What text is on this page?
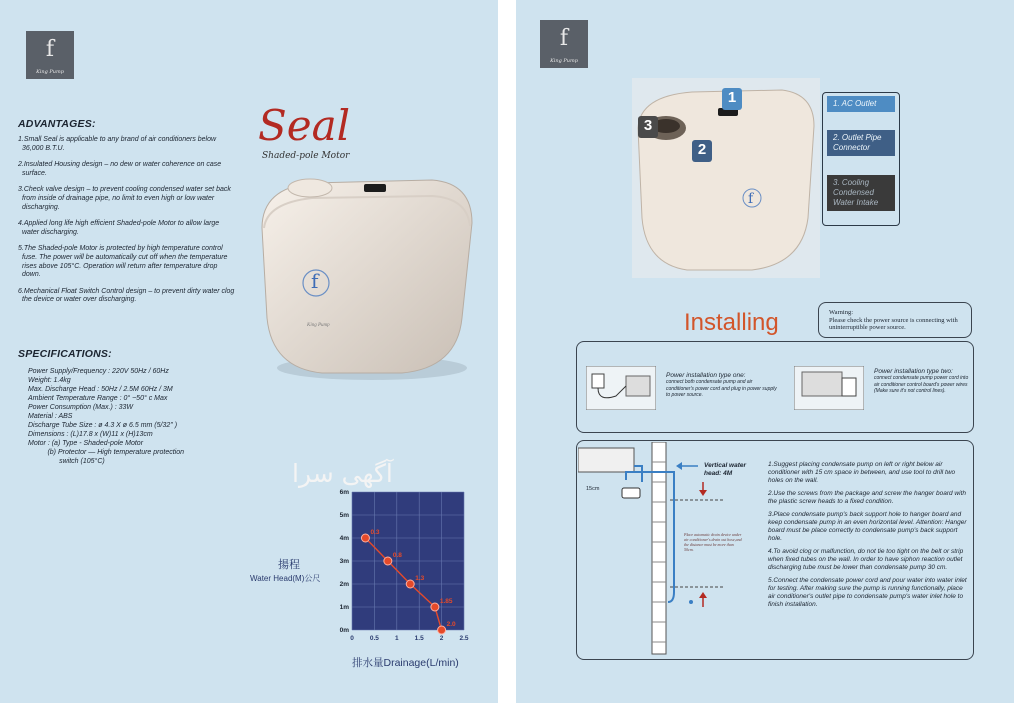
f
King Pump
ADVANTAGES:

1.Small Seal is applicable to any brand of air conditioners below 36,000 B.T.U.

2.Insulated Housing design – no dew or water coherence on case surface.

3.Check valve design – to prevent cooling condensed water set back from inside of drainage pipe, no limit to even high or low water discharging.

4.Applied long life high efficient Shaded-pole Motor to allow large water discharging.

5.The Shaded-pole Motor is protected by high temperature control fuse. The power will be automatically cut off when the temperature rises above 105°C. Operation will return after temperature drop down.

6.Mechanical Float Switch Control design – to prevent dirty water clog the device or water over discharging.

Seal
Shaded-pole Motor
f
King Pump
SPECIFICATIONS:
Power Supply/Frequency : 220V 50Hz / 60Hz
Weight: 1.4kg
Max. Discharge Head : 50Hz / 2.5M 60Hz / 3M
Ambient Temperature Range : 0° ~50° c Max
Power Consumption (Max.) : 33W
Material : ABS
Discharge Tube Size : ø 4.3 X ø 6.5 mm (5/32" )
Dimensions : (L)17.8 x (W)11 x (H)13cm
Motor : (a) Type - Shaded-pole Motor
(b) Protector — High temperature protection
switch (105°C)	آگهی سرا
0 0.5 1 1.5 2 2.5
0m
1m
2m
3m
4m
5m
6m
0.3
0.8
1.3
1.85
2.0
揚程
Water Head(M)公尺
排水量Drainage(L/min)
f
King Pump
f
1
2
3
1. AC Outlet
2. Outlet Pipe Connector
3. Cooling Condensed Water Intake
Installing	Warning:
Please check the power source is connecting with uninterruptible power source.
Power installation type one:
connect both condensate pump and air conditioner's power cord and plug in power supply to power source.
Power installation type two:
connect condensate pump power cord into air conditioner control board's power wires (Make sure it's not control lines).
Vertical water head: 4M
15cm
Place automatic drain device under air conditioner's drain out hose,and the distance must be more than 50cm.

1.Suggest placing condensate pump on left or right below air conditioner with 15 cm space in between, and use tool to drill two holes on the wall.

2.Use the screws from the package and screw the hanger board with the plastic screw heads to a fixed condition.

3.Place condensate pump's back support hole to hanger board and keep condensate pump in an even horizontal level. Attention: Hanger board must be place correctly to condensate pump's back support hole.

4.To avoid clog or malfunction, do not tie too tight on the belt or strip when fixed tubes on the wall. In order to have siphon reaction outlet discharging tube must be lower than condensate pump 30 cm.

5.Connect the condensate power cord and pour water into water inlet for testing. After making sure the pump is running functionally, place air conditioner's outlet pipe to condensate pump's water inlet hole to finish installation.
